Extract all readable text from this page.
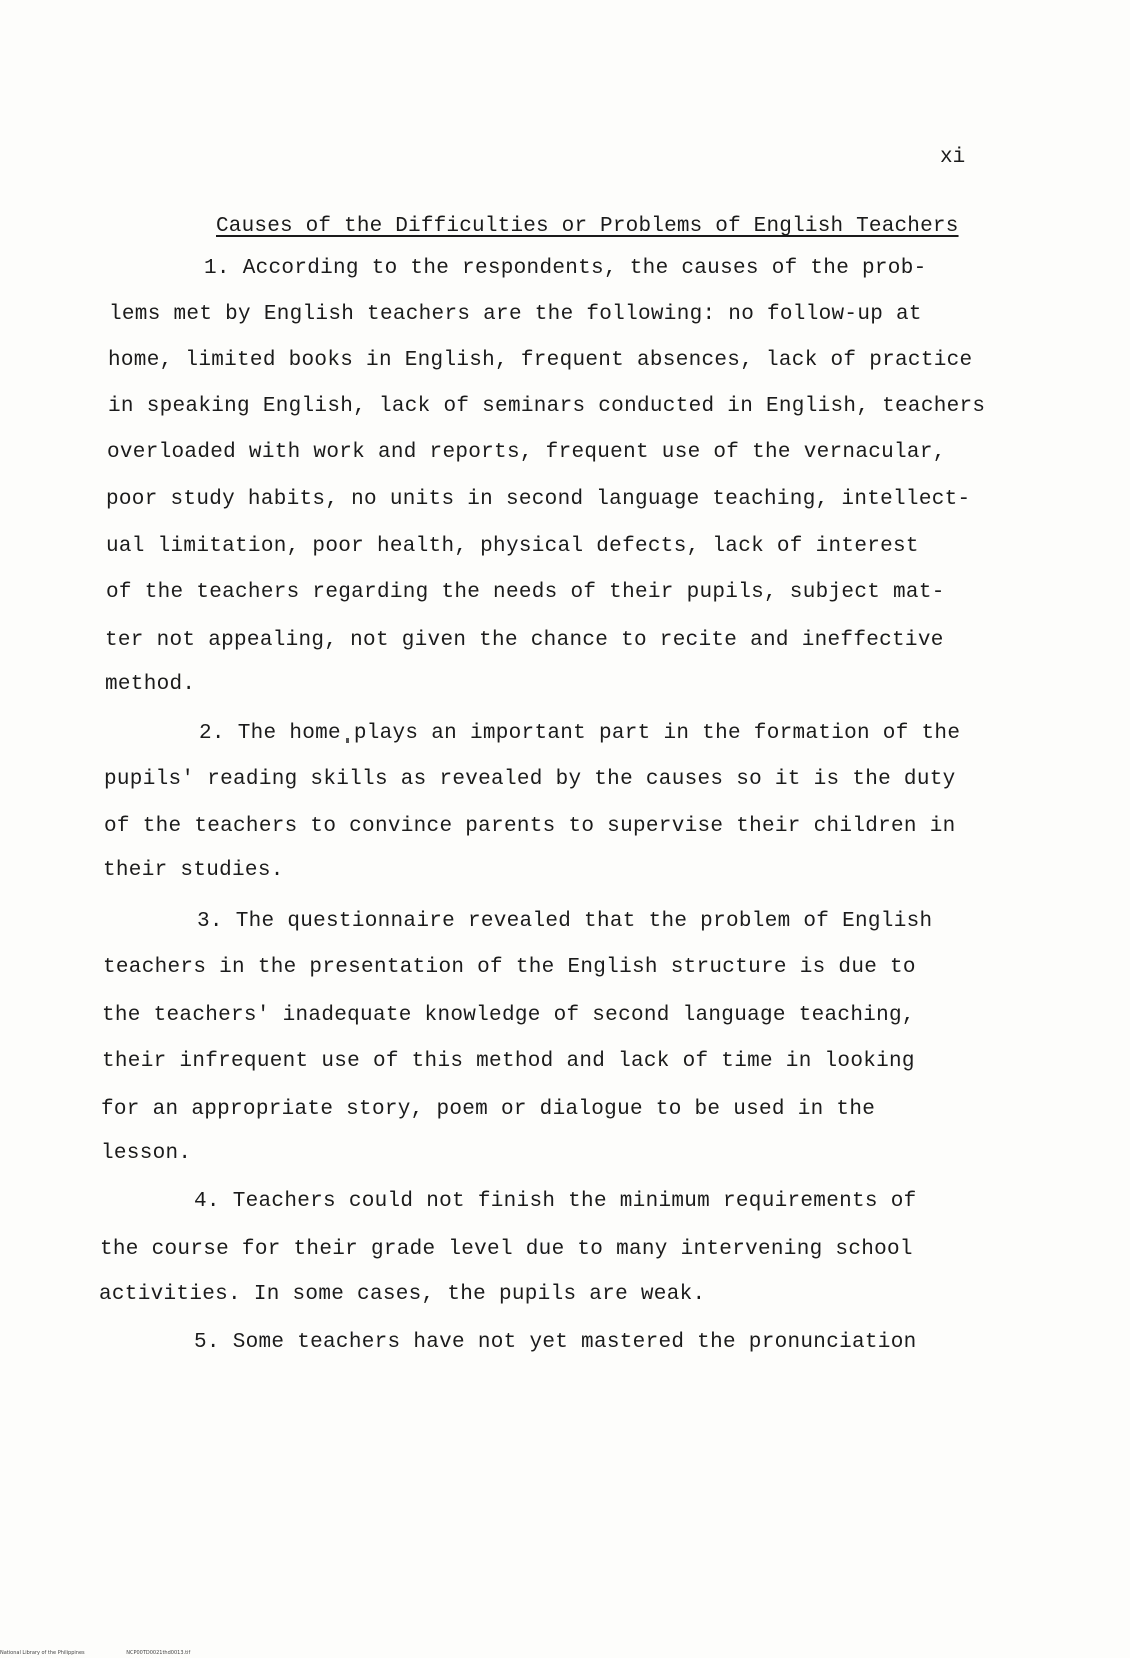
xi
Causes of the Difficulties or Problems of English Teachers
1. According to the respondents, the causes of the prob-
lems met by English teachers are the following: no follow-up at
home, limited books in English, frequent absences, lack of practice
in speaking English, lack of seminars conducted in English, teachers
overloaded with work and reports, frequent use of the vernacular,
poor study habits, no units in second language teaching, intellect-
ual limitation, poor health, physical defects, lack of interest
of the teachers regarding the needs of their pupils, subject mat-
ter not appealing, not given the chance to recite and ineffective
method.
2. The home plays an important part in the formation of the
pupils' reading skills as revealed by the causes so it is the duty
of the teachers to convince parents to supervise their children in
their studies.
3. The questionnaire revealed that the problem of English
teachers in the presentation of the English structure is due to
the teachers' inadequate knowledge of second language teaching,
their infrequent use of this method and lack of time in looking
for an appropriate story, poem or dialogue to be used in the
lesson.
4. Teachers could not finish the minimum requirements of
the course for their grade level due to many intervening school
activities. In some cases, the pupils are weak.
5. Some teachers have not yet mastered the pronunciation
National Library of the Philippines	NCP00TD0021thd0013.tif
